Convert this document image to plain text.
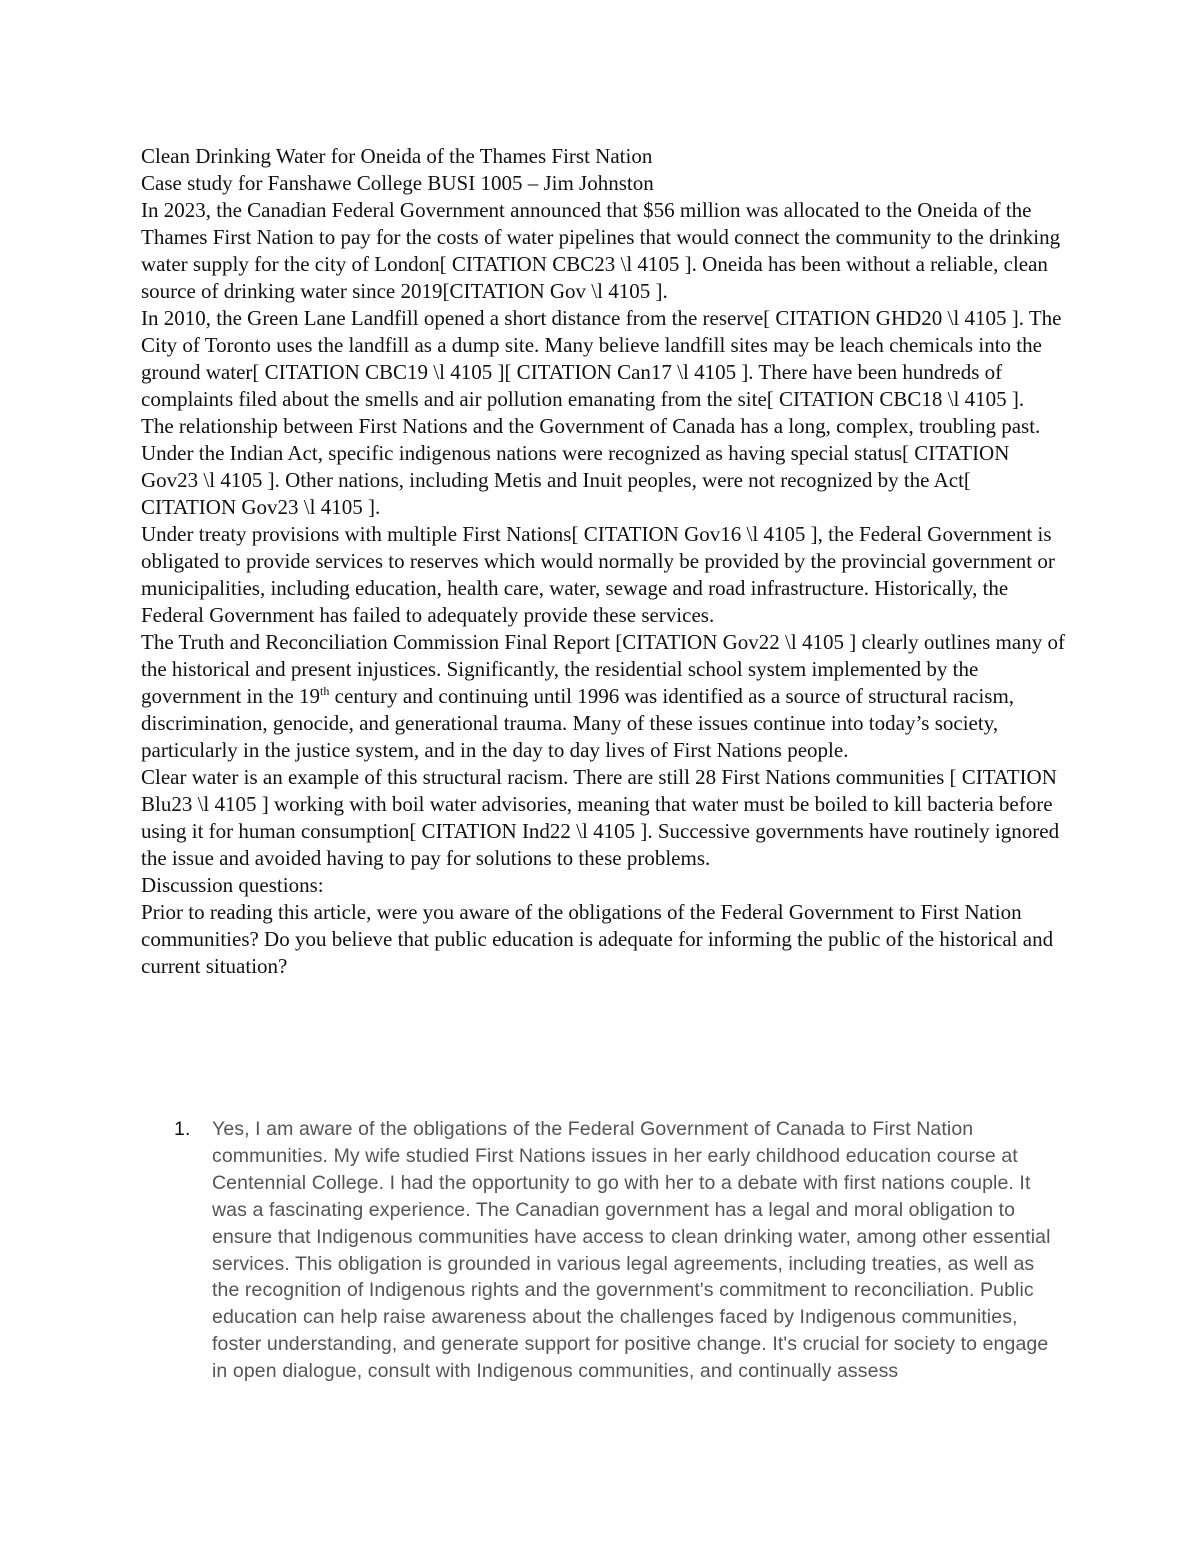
Clean Drinking Water for Oneida of the Thames First Nation

Case study for Fanshawe College BUSI 1005 – Jim Johnston

In 2023, the Canadian Federal Government announced that $56 million was allocated to the Oneida of the Thames First Nation to pay for the costs of water pipelines that would connect the community to the drinking water supply for the city of London[ CITATION CBC23 \l 4105 ]. Oneida has been without a reliable, clean source of drinking water since 2019[CITATION Gov \l 4105 ].

In 2010, the Green Lane Landfill opened a short distance from the reserve[ CITATION GHD20 \l 4105 ]. The City of Toronto uses the landfill as a dump site. Many believe landfill sites may be leach chemicals into the ground water[ CITATION CBC19 \l 4105 ][ CITATION Can17 \l 4105 ]. There have been hundreds of complaints filed about the smells and air pollution emanating from the site[ CITATION CBC18 \l 4105 ].

The relationship between First Nations and the Government of Canada has a long, complex, troubling past. Under the Indian Act, specific indigenous nations were recognized as having special status[ CITATION Gov23 \l 4105 ]. Other nations, including Metis and Inuit peoples, were not recognized by the Act[ CITATION Gov23 \l 4105 ].

Under treaty provisions with multiple First Nations[ CITATION Gov16 \l 4105 ], the Federal Government is obligated to provide services to reserves which would normally be provided by the provincial government or municipalities, including education, health care, water, sewage and road infrastructure. Historically, the Federal Government has failed to adequately provide these services.

The Truth and Reconciliation Commission Final Report [CITATION Gov22 \l 4105 ] clearly outlines many of the historical and present injustices. Significantly, the residential school system implemented by the government in the 19th century and continuing until 1996 was identified as a source of structural racism, discrimination, genocide, and generational trauma. Many of these issues continue into today’s society, particularly in the justice system, and in the day to day lives of First Nations people.

Clear water is an example of this structural racism. There are still 28 First Nations communities [ CITATION Blu23 \l 4105 ] working with boil water advisories, meaning that water must be boiled to kill bacteria before using it for human consumption[ CITATION Ind22 \l 4105 ]. Successive governments have routinely ignored the issue and avoided having to pay for solutions to these problems.

Discussion questions:

Prior to reading this article, were you aware of the obligations of the Federal Government to First Nation communities? Do you believe that public education is adequate for informing the public of the historical and current situation?

1. Yes, I am aware of the obligations of the Federal Government of Canada to First Nation communities. My wife studied First Nations issues in her early childhood education course at Centennial College. I had the opportunity to go with her to a debate with first nations couple. It was a fascinating experience. The Canadian government has a legal and moral obligation to ensure that Indigenous communities have access to clean drinking water, among other essential services. This obligation is grounded in various legal agreements, including treaties, as well as the recognition of Indigenous rights and the government's commitment to reconciliation. Public education can help raise awareness about the challenges faced by Indigenous communities, foster understanding, and generate support for positive change. It's crucial for society to engage in open dialogue, consult with Indigenous communities, and continually assess
